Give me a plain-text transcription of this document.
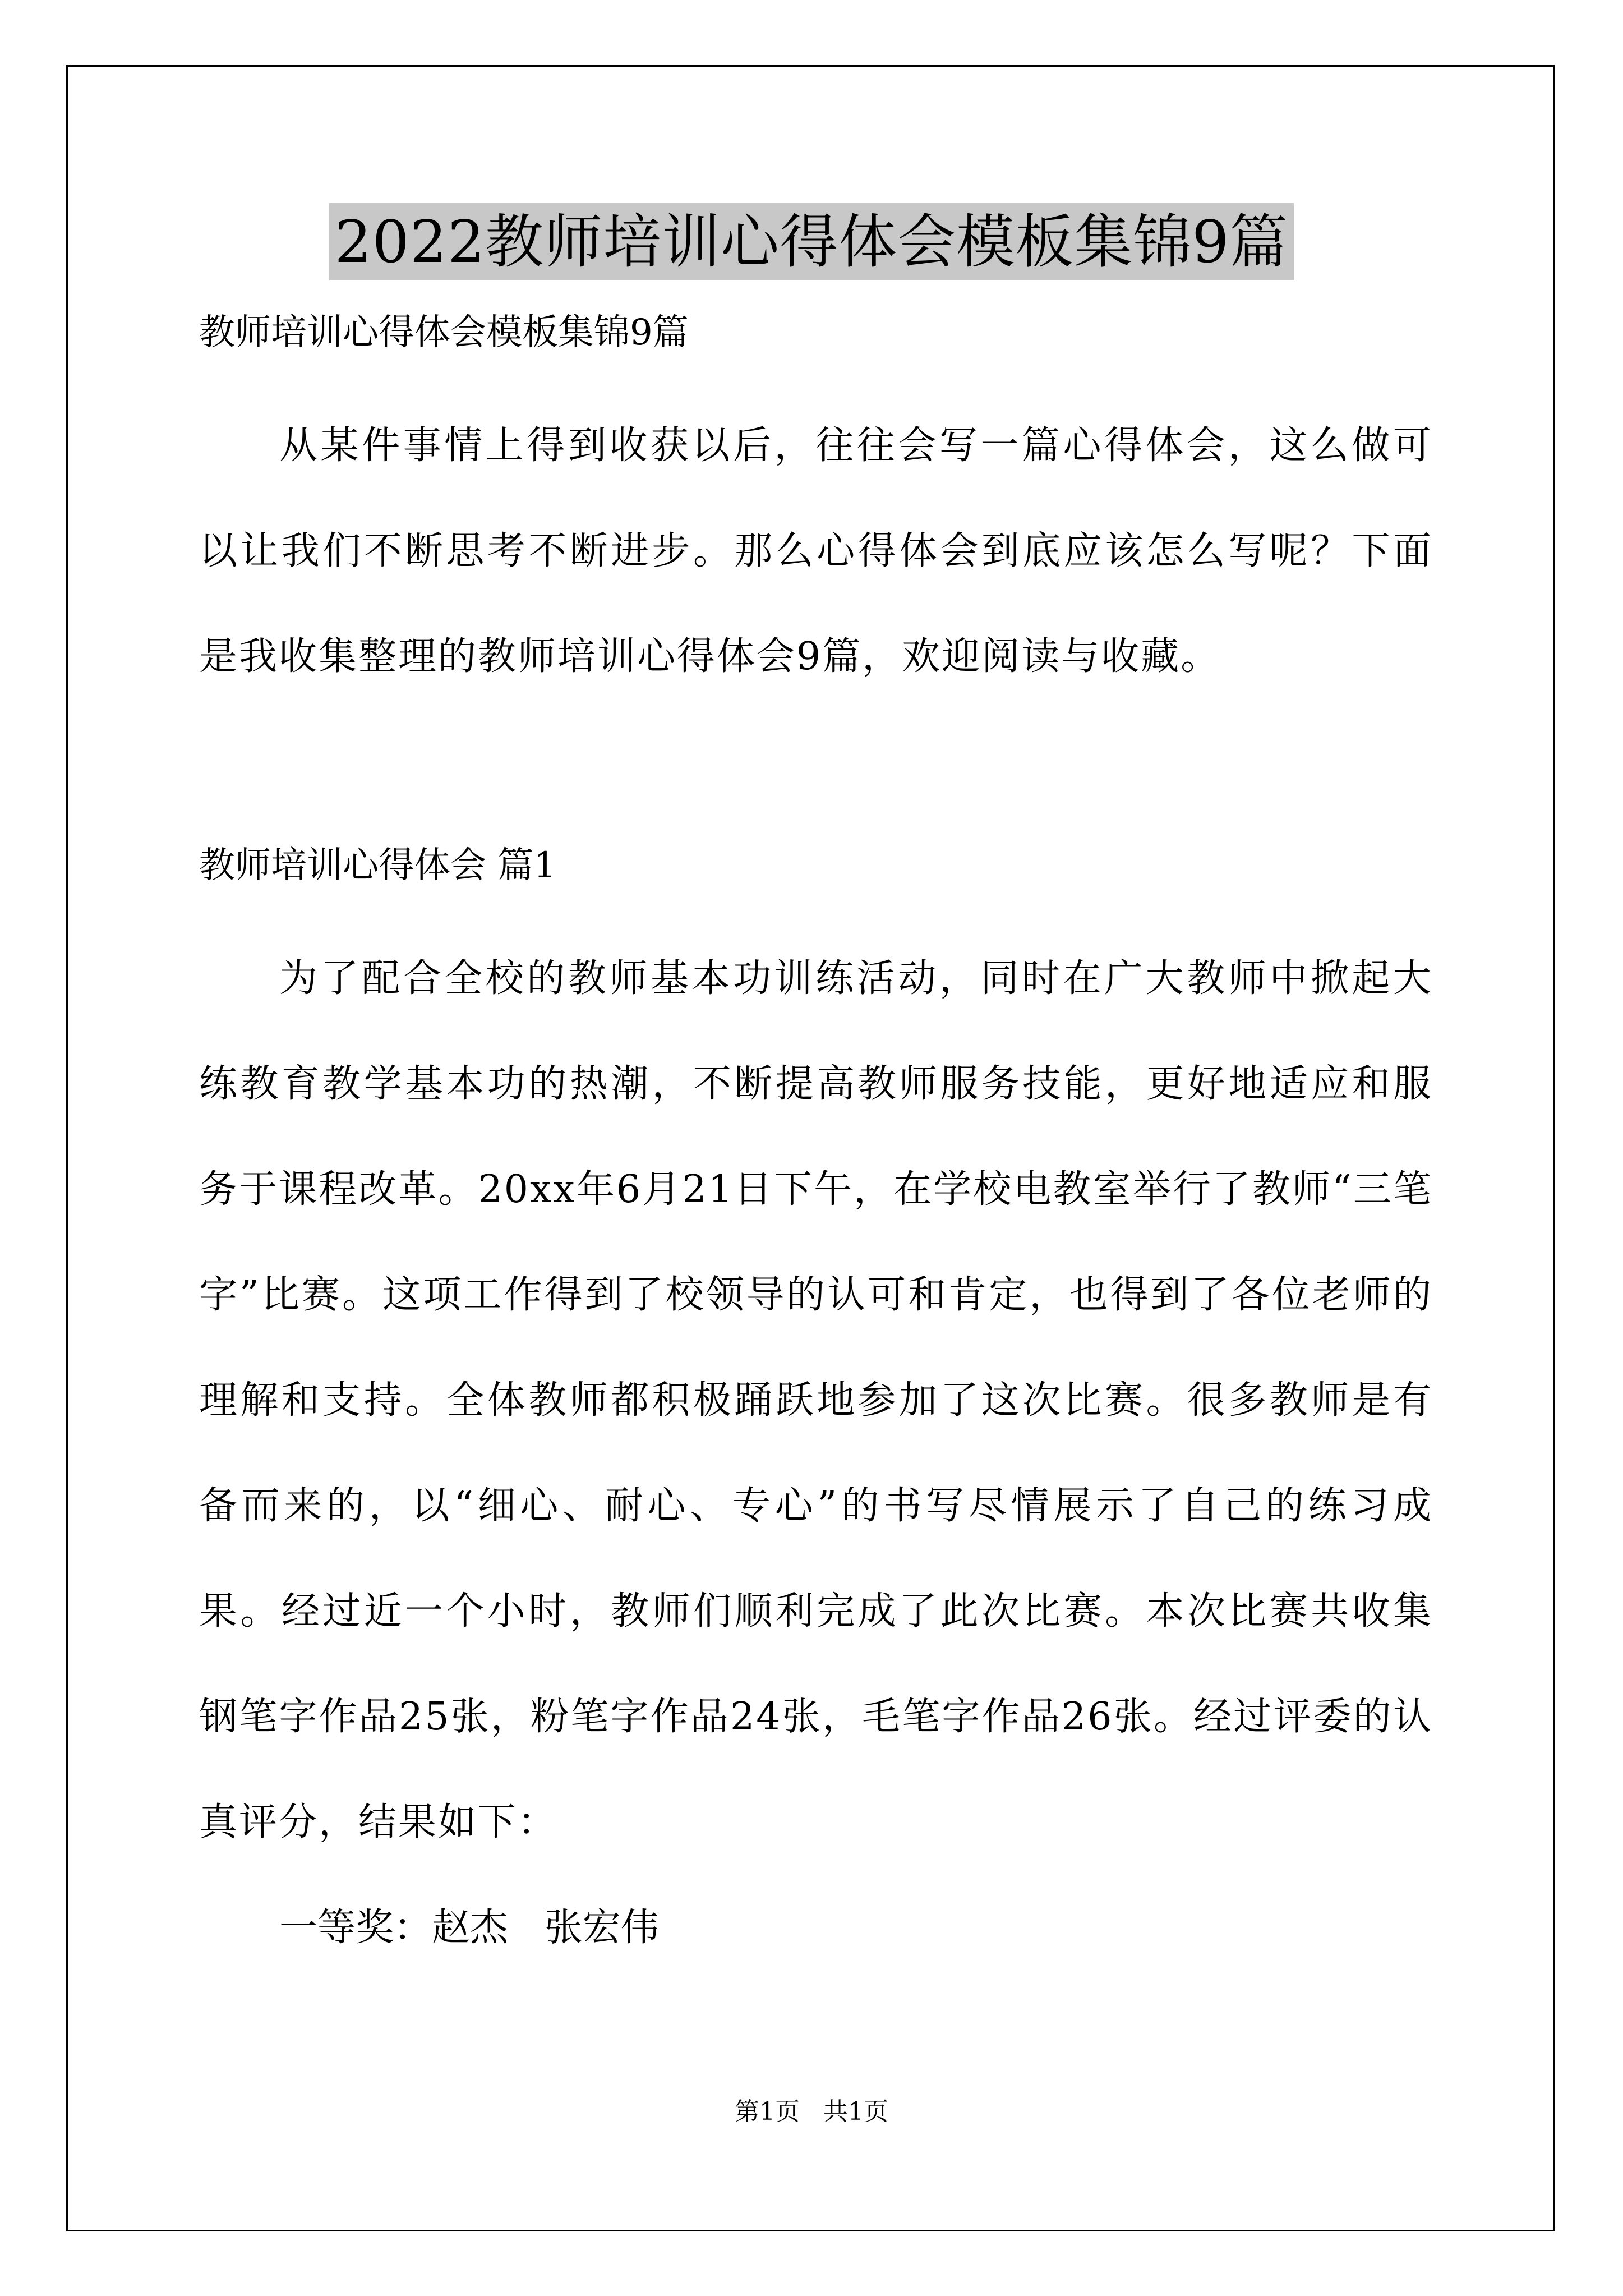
2022教师培训心得体会模板集锦9篇

教师培训心得体会模板集锦9篇

从某件事情上得到收获以后，往往会写一篇心得体会，这么做可以让我们不断思考不断进步。那么心得体会到底应该怎么写呢？下面是我收集整理的教师培训心得体会9篇，欢迎阅读与收藏。

教师培训心得体会 篇1

为了配合全校的教师基本功训练活动，同时在广大教师中掀起大练教育教学基本功的热潮，不断提高教师服务技能，更好地适应和服务于课程改革。20xx年6月21日下午，在学校电教室举行了教师“三笔字”比赛。这项工作得到了校领导的认可和肯定，也得到了各位老师的理解和支持。全体教师都积极踊跃地参加了这次比赛。很多教师是有备而来的，以“细心、耐心、专心”的书写尽情展示了自己的练习成果。经过近一个小时，教师们顺利完成了此次比赛。本次比赛共收集钢笔字作品25张，粉笔字作品24张，毛笔字作品26张。经过评委的认真评分，结果如下：

一等奖：赵杰   张宏伟

第1页   共1页
